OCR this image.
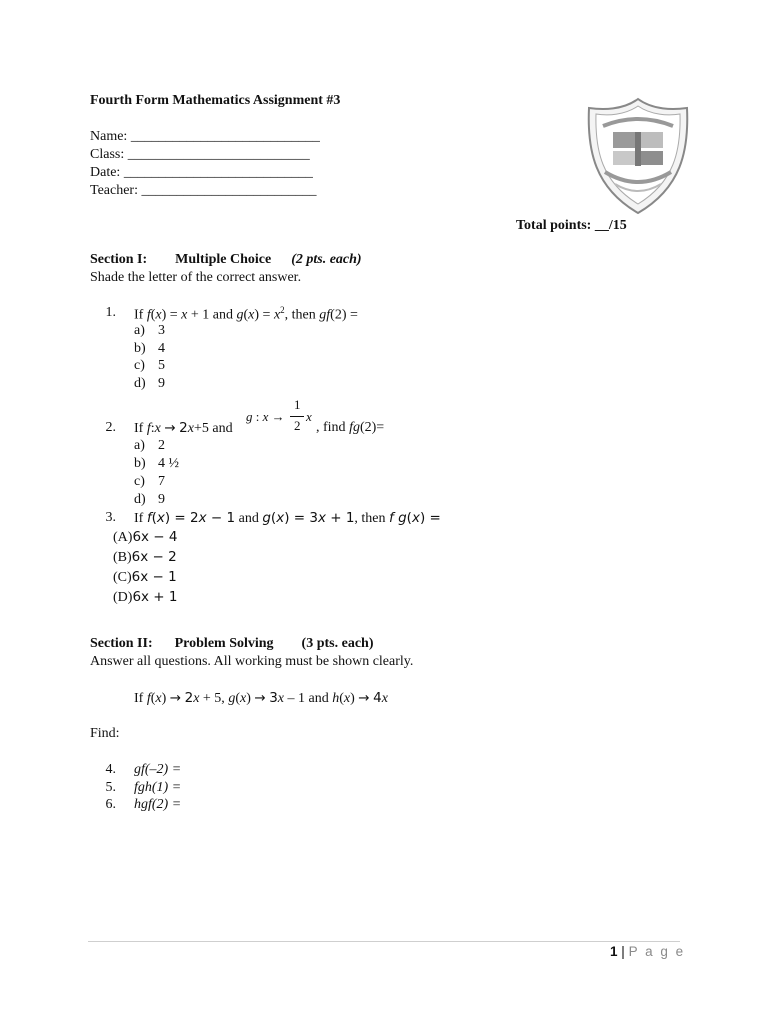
Fourth Form Mathematics Assignment #3
Name: ___________________________
Class: __________________________
Date: ___________________________
Teacher: _________________________
Total points: __/15
Section I: Multiple Choice (2 pts. each)
Shade the letter of the correct answer.
1. If f(x) = x + 1 and $g(x) = x^2$, then gf(2) =
a) 3
b) 4
c) 5
d) 9
2. If f:x → 2x+5 and
g : x →
1
2
x
, find fg(2)=
a) 2
b) 4 ½
c) 7
d) 9
3. If f(x) = 2x − 1 and g(x) = 3x + 1, then f g(x) =
(A)6x − 4
(B)6x − 2
(C)6x − 1
(D)6x + 1
Section II: Problem Solving (3 pts. each)
Answer all questions. All working must be shown clearly.
If f(x) → 2x + 5, g(x) → 3x – 1 and h(x) → 4x
Find:
4. gf(–2) =
5. fgh(1) =
6. hgf(2) =
1 | P a g e
